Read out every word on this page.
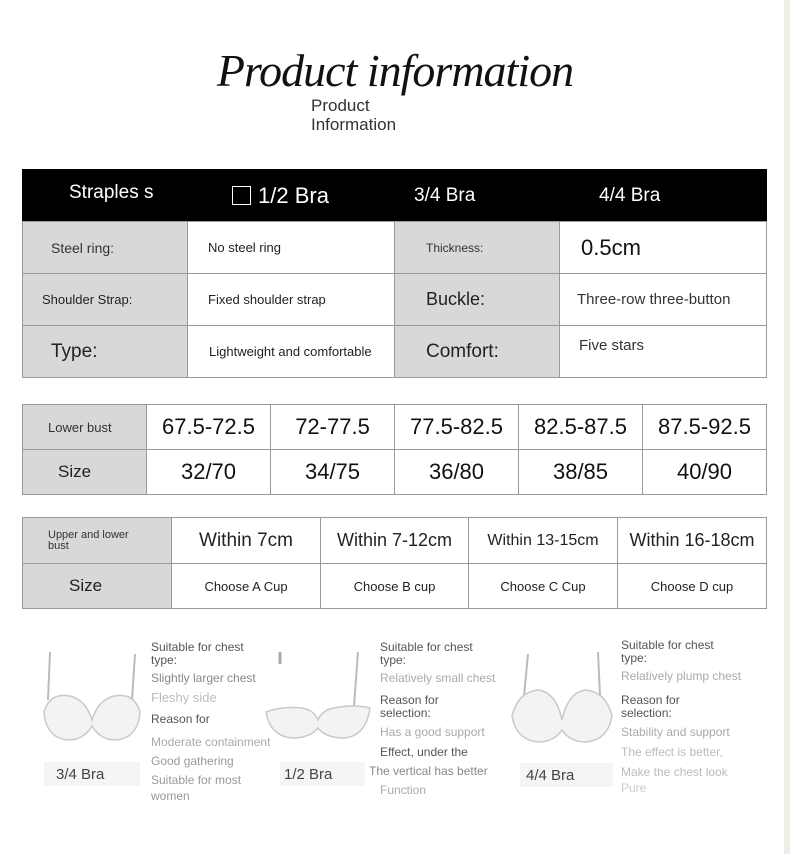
Product information
Product
Information
Straples s	1/2 Bra	3/4 Bra	4/4 Bra
Steel ring:	No steel ring	Thickness:	0.5cm
Shoulder Strap:	Fixed shoulder strap	Buckle:	Three-row three-button
Type:	Lightweight and comfortable	Comfort:	Five stars
Lower bust 67.5-72.5 72-77.5 77.5-82.5 82.5-87.5 87.5-92.5
Size	32/70	34/75	36/80	38/85	40/90
Upper and lower bust	Within 7cm Within 7-12cm Within 13-15cm Within 16-18cm
Size	Choose A Cup	Choose B cup	Choose C Cup	Choose D cup
3/4 Bra
Suitable for chest type:
Slightly larger chest
Fleshy side
Reason for
Moderate containment
Good gathering
Suitable for most
women
1/2 Bra
Suitable for chest type:
Relatively small chest
Reason for selection:
Has a good support
Effect, under the
The vertical has better
Function
4/4 Bra
Suitable for chest type:
Relatively plump chest
Reason for selection:
Stability and support
The effect is better,
Make the chest look
Pure
